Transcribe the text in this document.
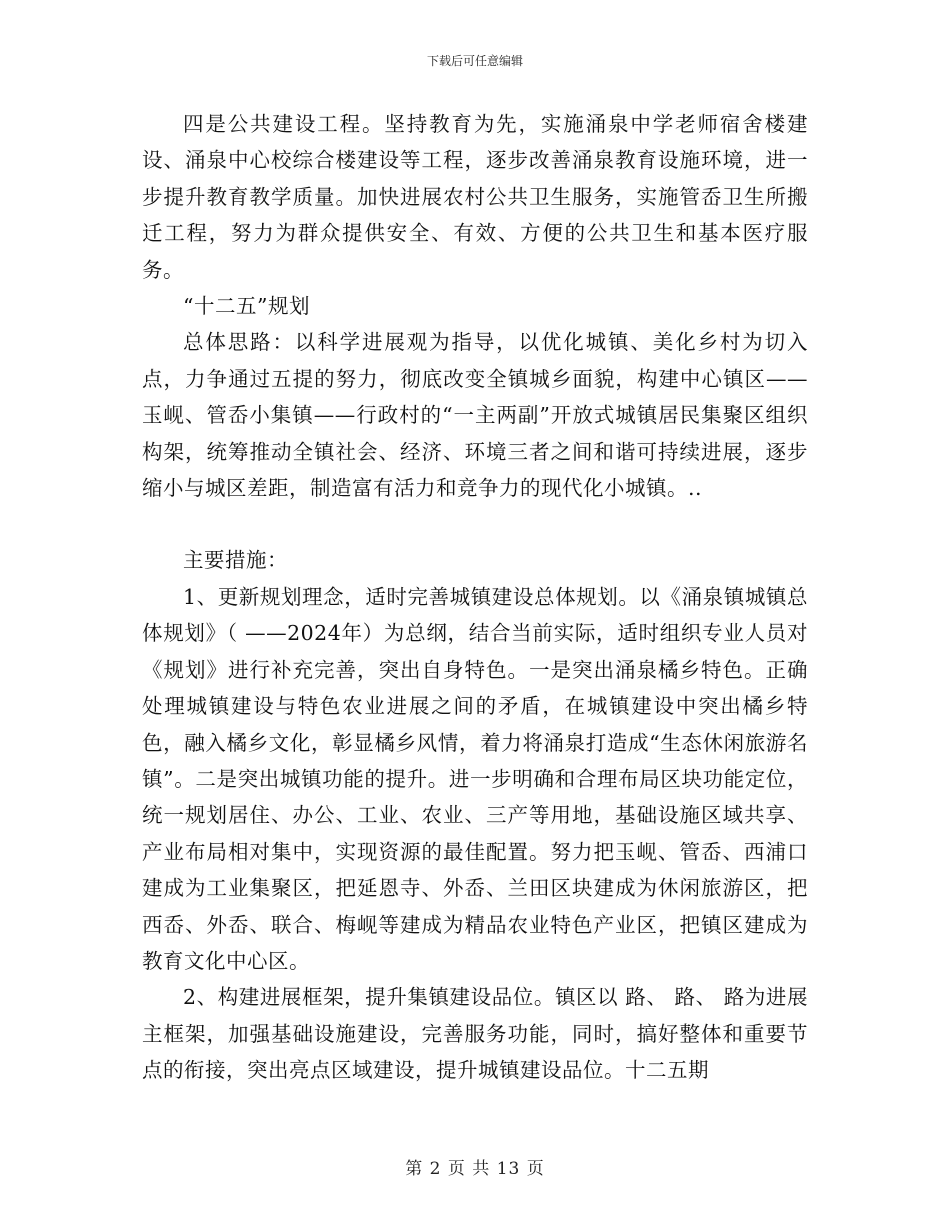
下载后可任意编辑

四是公共建设工程。坚持教育为先，实施涌泉中学老师宿舍楼建设、涌泉中心校综合楼建设等工程，逐步改善涌泉教育设施环境，进一步提升教育教学质量。加快进展农村公共卫生服务，实施管岙卫生所搬迁工程，努力为群众提供安全、有效、方便的公共卫生和基本医疗服务。

“十二五”规划

总体思路：以科学进展观为指导，以优化城镇、美化乡村为切入点，力争通过五提的努力，彻底改变全镇城乡面貌，构建中心镇区——玉岘、管岙小集镇——行政村的“一主两副”开放式城镇居民集聚区组织构架，统筹推动全镇社会、经济、环境三者之间和谐可持续进展，逐步缩小与城区差距，制造富有活力和竞争力的现代化小城镇。..

主要措施：

1、更新规划理念，适时完善城镇建设总体规划。以《涌泉镇城镇总体规划》（ ——2024年）为总纲，结合当前实际，适时组织专业人员对《规划》进行补充完善，突出自身特色。一是突出涌泉橘乡特色。正确处理城镇建设与特色农业进展之间的矛盾，在城镇建设中突出橘乡特色，融入橘乡文化，彰显橘乡风情，着力将涌泉打造成“生态休闲旅游名镇”。二是突出城镇功能的提升。进一步明确和合理布局区块功能定位，统一规划居住、办公、工业、农业、三产等用地，基础设施区域共享、产业布局相对集中，实现资源的最佳配置。努力把玉岘、管岙、西浦口建成为工业集聚区，把延恩寺、外岙、兰田区块建成为休闲旅游区，把西岙、外岙、联合、梅岘等建成为精品农业特色产业区，把镇区建成为教育文化中心区。

2、构建进展框架，提升集镇建设品位。镇区以 路、 路、 路为进展主框架，加强基础设施建设，完善服务功能，同时，搞好整体和重要节点的衔接，突出亮点区域建设，提升城镇建设品位。十二五期

第 2 页 共 13 页
